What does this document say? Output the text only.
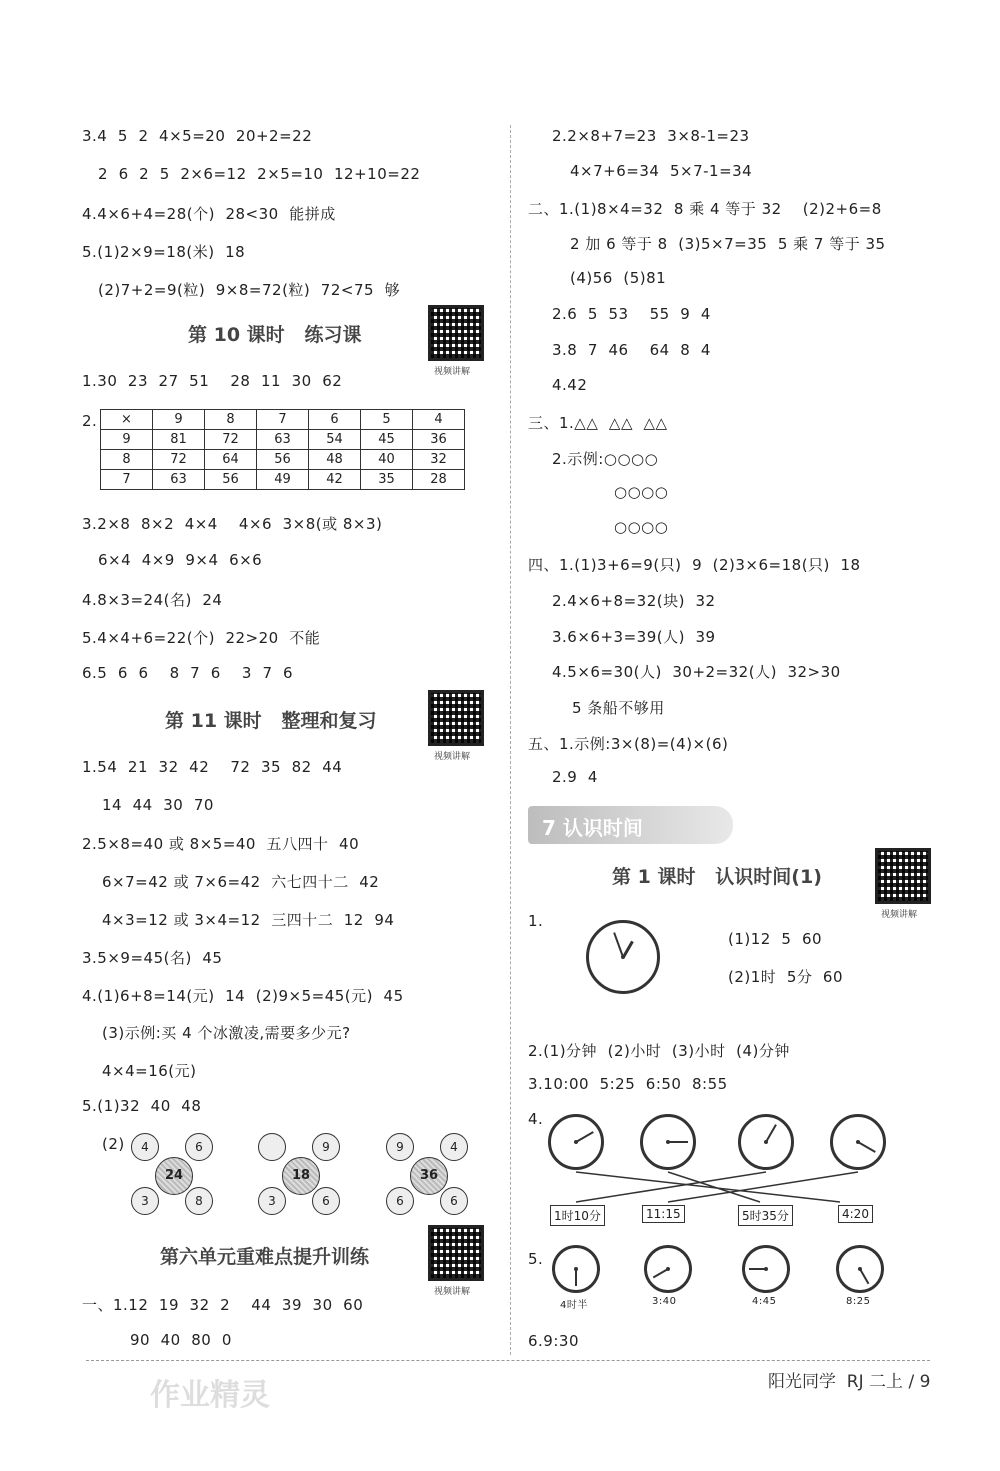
3.4  5  2  4×5=20  20+2=22
2  6  2  5  2×6=12  2×5=10  12+10=22
4.4×6+4=28(个)  28<30  能拼成
5.(1)2×9=18(米)  18
(2)7+2=9(粒)  9×8=72(粒)  72<75  够
第 10 课时   练习课
视频讲解
1.30  23  27  51    28  11  30  62
2. ×	9	8	7	6	5	4
9	81	72	63	54	45	36
8	72	64	56	48	40	32
7	63	56	49	42	35	28
3.2×8  8×2  4×4    4×6  3×8(或 8×3)
6×4  4×9  9×4  6×6
4.8×3=24(名)  24
5.4×4+6=22(个)  22>20  不能
6.5  6  6    8  7  6    3  7  6
第 11 课时   整理和复习
视频讲解
1.54  21  32  42    72  35  82  44
14  44  30  70
2.5×8=40 或 8×5=40  五八四十  40
6×7=42 或 7×6=42  六七四十二  42
4×3=12 或 3×4=12  三四十二  12  94
3.5×9=45(名)  45
4.(1)6+8=14(元)  14  (2)9×5=45(元)  45
(3)示例:买 4 个冰激凌,需要多少元?
4×4=16(元)
5.(1)32  40  48
(2)	4	6
24
3	8
9
18
3	6
9	4
36
6	6
第六单元重难点提升训练
视频讲解
一、1.12  19  32  2    44  39  30  60
90  40  80  0
2.2×8+7=23  3×8-1=23
4×7+6=34  5×7-1=34
二、1.(1)8×4=32  8 乘 4 等于 32    (2)2+6=8
2 加 6 等于 8  (3)5×7=35  5 乘 7 等于 35
(4)56  (5)81
2.6  5  53    55  9  4
3.8  7  46    64  8  4
4.42
三、1.△△  △△  △△
2.示例:○○○○
○○○○
○○○○
四、1.(1)3+6=9(只)  9  (2)3×6=18(只)  18
2.4×6+8=32(块)  32
3.6×6+3=39(人)  39
4.5×6=30(人)  30+2=32(人)  32>30
5 条船不够用
五、1.示例:3×(8)=(4)×(6)
2.9  4
7 认识时间
第 1 课时   认识时间(1)
视频讲解
1.
(1)12  5  60
(2)1时  5分  60
2.(1)分钟  (2)小时  (3)小时  (4)分钟
3.10:00  5:25  6:50  8:55
4.
1时10分	11:15	5时35分	4:20
5.
4时半	3:40	4:45	8:25
6.9:30
阳光同学  RJ 二上 / 9
作业精灵
